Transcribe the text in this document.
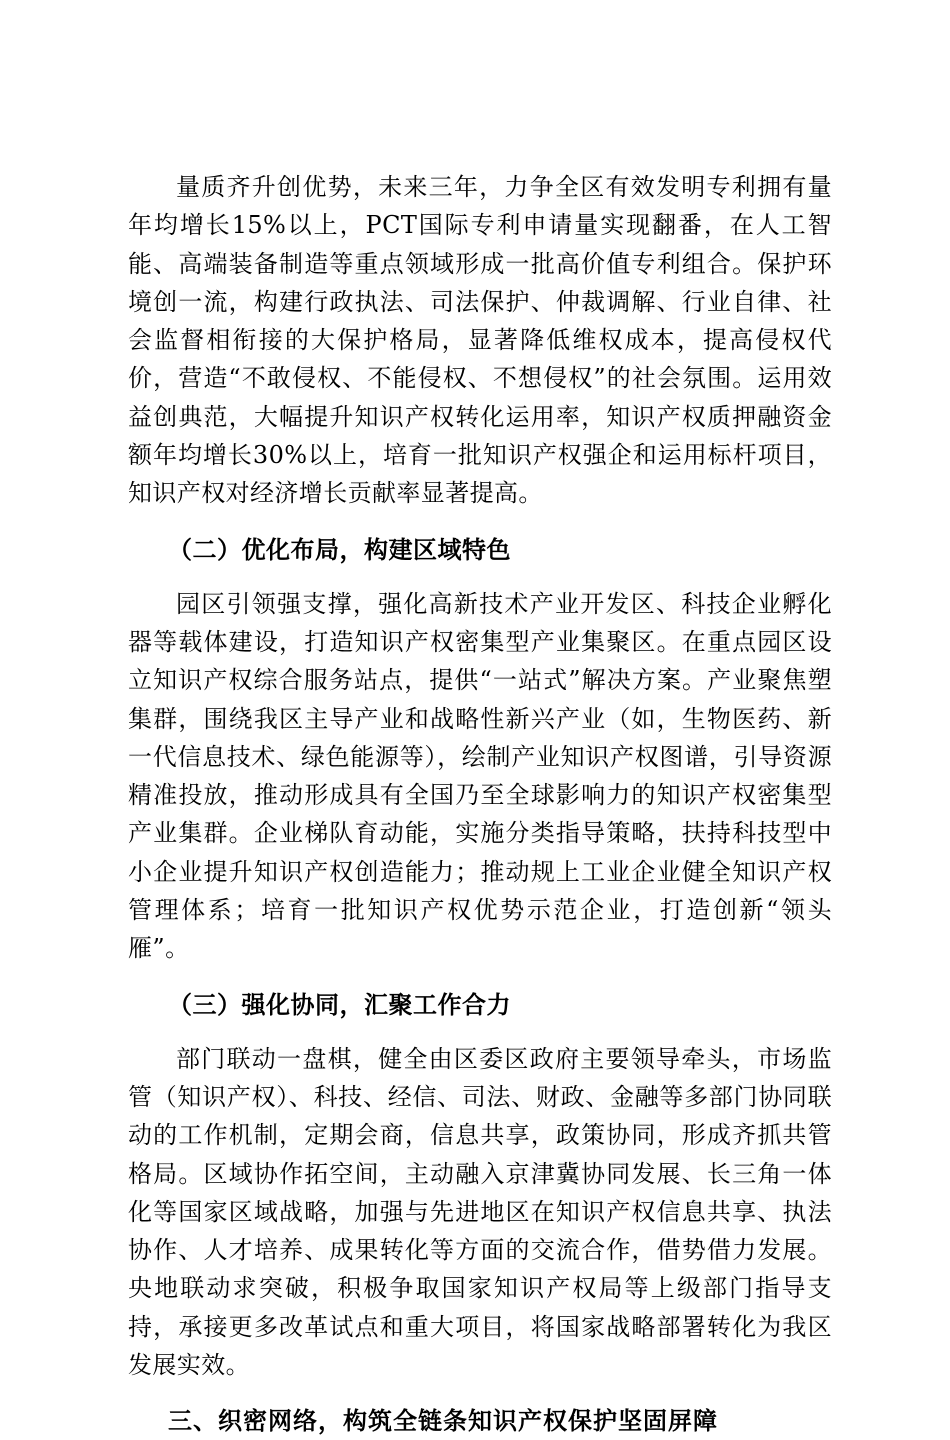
量质齐升创优势，未来三年，力争全区有效发明专利拥有量年均增长15%以上，PCT国际专利申请量实现翻番，在人工智能、高端装备制造等重点领域形成一批高价值专利组合。保护环境创一流，构建行政执法、司法保护、仲裁调解、行业自律、社会监督相衔接的大保护格局，显著降低维权成本，提高侵权代价，营造“不敢侵权、不能侵权、不想侵权”的社会氛围。运用效益创典范，大幅提升知识产权转化运用率，知识产权质押融资金额年均增长30%以上，培育一批知识产权强企和运用标杆项目，知识产权对经济增长贡献率显著提高。

（二）优化布局，构建区域特色

园区引领强支撑，强化高新技术产业开发区、科技企业孵化器等载体建设，打造知识产权密集型产业集聚区。在重点园区设立知识产权综合服务站点，提供“一站式”解决方案。产业聚焦塑集群，围绕我区主导产业和战略性新兴产业（如，生物医药、新一代信息技术、绿色能源等），绘制产业知识产权图谱，引导资源精准投放，推动形成具有全国乃至全球影响力的知识产权密集型产业集群。企业梯队育动能，实施分类指导策略，扶持科技型中小企业提升知识产权创造能力；推动规上工业企业健全知识产权管理体系；培育一批知识产权优势示范企业，打造创新“领头雁”。

（三）强化协同，汇聚工作合力

部门联动一盘棋，健全由区委区政府主要领导牵头，市场监管（知识产权）、科技、经信、司法、财政、金融等多部门协同联动的工作机制，定期会商，信息共享，政策协同，形成齐抓共管格局。区域协作拓空间，主动融入京津冀协同发展、长三角一体化等国家区域战略，加强与先进地区在知识产权信息共享、执法协作、人才培养、成果转化等方面的交流合作，借势借力发展。央地联动求突破，积极争取国家知识产权局等上级部门指导支持，承接更多改革试点和重大项目，将国家战略部署转化为我区发展实效。

三、织密网络，构筑全链条知识产权保护坚固屏障
